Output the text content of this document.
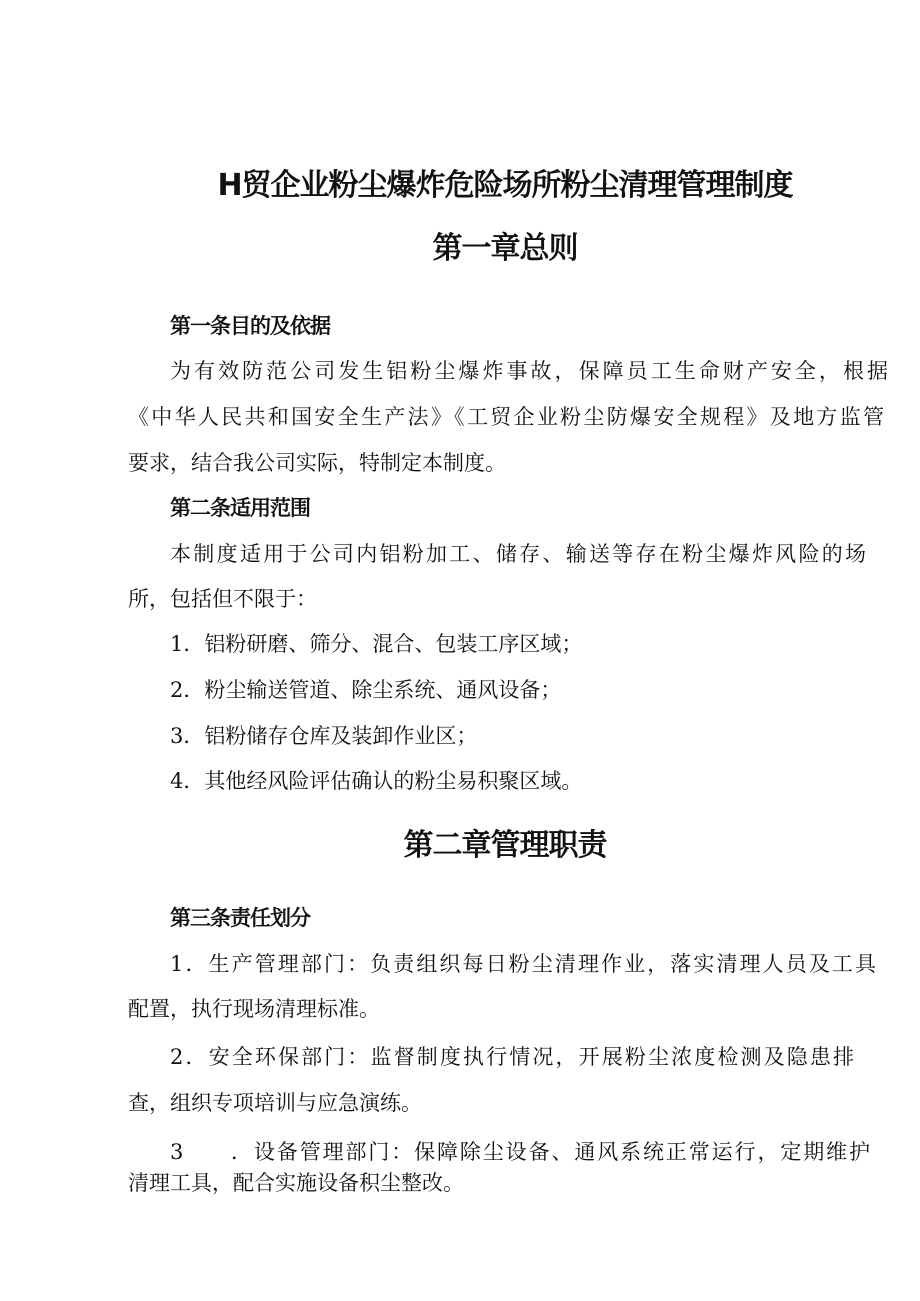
H贸企业粉尘爆炸危险场所粉尘清理管理制度
第一章总则
第一条目的及依据

为有效防范公司发生铝粉尘爆炸事故，保障员工生命财产安全，根据

《中华人民共和国安全生产法》《工贸企业粉尘防爆安全规程》及地方监管

要求，结合我公司实际，特制定本制度。

第二条适用范围

本制度适用于公司内铝粉加工、储存、输送等存在粉尘爆炸风险的场

所，包括但不限于：

1．铝粉研磨、筛分、混合、包装工序区域；

2．粉尘输送管道、除尘系统、通风设备；

3．铝粉储存仓库及装卸作业区；

4．其他经风险评估确认的粉尘易积聚区域。

第二章管理职责
第三条责任划分

1．生产管理部门：负责组织每日粉尘清理作业，落实清理人员及工具

配置，执行现场清理标准。

2．安全环保部门：监督制度执行情况，开展粉尘浓度检测及隐患排

查，组织专项培训与应急演练。

3　　．设备管理部门：保障除尘设备、通风系统正常运行，定期维护

清理工具，配合实施设备积尘整改。
